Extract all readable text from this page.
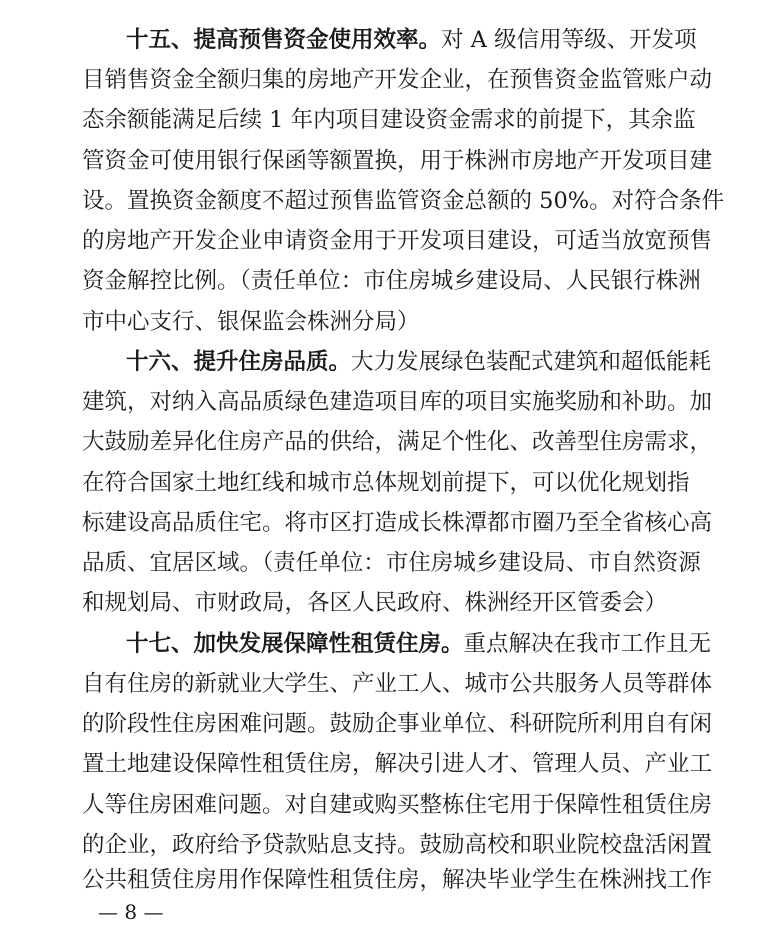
十五、提高预售资金使用效率。对 A 级信用等级、开发项
目销售资金全额归集的房地产开发企业，在预售资金监管账户动
态余额能满足后续 1 年内项目建设资金需求的前提下，其余监
管资金可使用银行保函等额置换，用于株洲市房地产开发项目建
设。置换资金额度不超过预售监管资金总额的 50%。对符合条件
的房地产开发企业申请资金用于开发项目建设，可适当放宽预售
资金解控比例。（责任单位：市住房城乡建设局、人民银行株洲
市中心支行、银保监会株洲分局）
十六、提升住房品质。大力发展绿色装配式建筑和超低能耗
建筑，对纳入高品质绿色建造项目库的项目实施奖励和补助。加
大鼓励差异化住房产品的供给，满足个性化、改善型住房需求，
在符合国家土地红线和城市总体规划前提下，可以优化规划指
标建设高品质住宅。将市区打造成长株潭都市圈乃至全省核心高
品质、宜居区域。（责任单位：市住房城乡建设局、市自然资源
和规划局、市财政局，各区人民政府、株洲经开区管委会）
十七、加快发展保障性租赁住房。重点解决在我市工作且无
自有住房的新就业大学生、产业工人、城市公共服务人员等群体
的阶段性住房困难问题。鼓励企事业单位、科研院所利用自有闲
置土地建设保障性租赁住房，解决引进人才、管理人员、产业工
人等住房困难问题。对自建或购买整栋住宅用于保障性租赁住房
的企业，政府给予贷款贴息支持。鼓励高校和职业院校盘活闲置
公共租赁住房用作保障性租赁住房，解决毕业学生在株洲找工作
— 8 —
